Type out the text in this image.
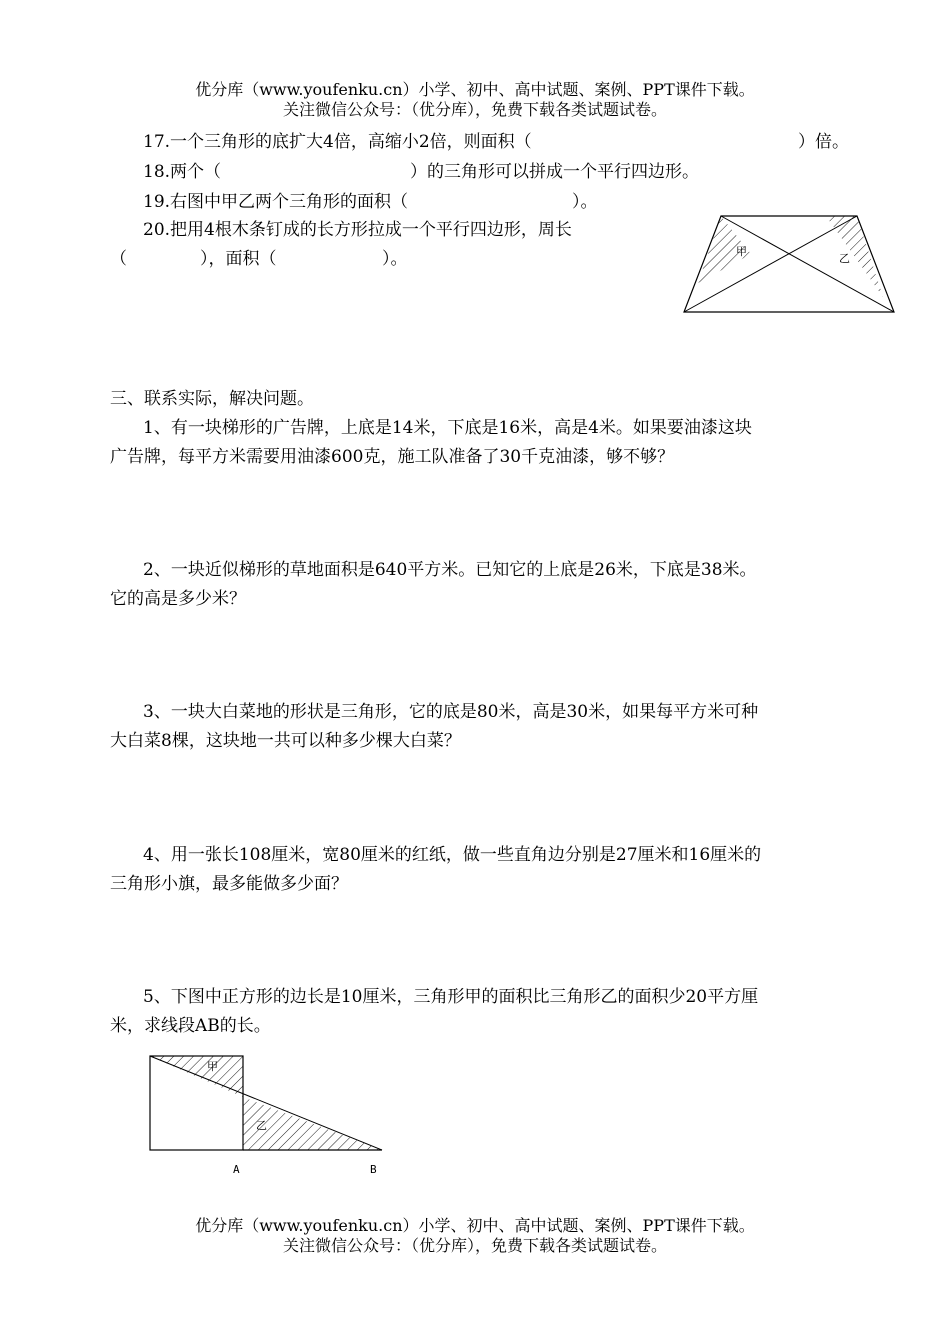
优分库（www.youfenku.cn）小学、初中、高中试题、案例、PPT课件下载。
关注微信公众号：（优分库），免费下载各类试题试卷。
17.一个三角形的底扩大4倍，高缩小2倍，则面积（	）倍。
18.两个（	）的三角形可以拼成一个平行四边形。
19.右图中甲乙两个三角形的面积（	）。
20.把用4根木条钉成的长方形拉成一个平行四边形，周长
（	），面积（	）。	甲
乙
三、联系实际，解决问题。
1、有一块梯形的广告牌，上底是14米，下底是16米，高是4米。如果要油漆这块
广告牌，每平方米需要用油漆600克，施工队准备了30千克油漆，够不够？
2、一块近似梯形的草地面积是640平方米。已知它的上底是26米，下底是38米。
它的高是多少米？
3、一块大白菜地的形状是三角形，它的底是80米，高是30米，如果每平方米可种
大白菜8棵，这块地一共可以种多少棵大白菜？
4、用一张长108厘米，宽80厘米的红纸，做一些直角边分别是27厘米和16厘米的
三角形小旗，最多能做多少面？
5、下图中正方形的边长是10厘米，三角形甲的面积比三角形乙的面积少20平方厘
米，求线段AB的长。
甲
乙
A	B
优分库（www.youfenku.cn）小学、初中、高中试题、案例、PPT课件下载。
关注微信公众号：（优分库），免费下载各类试题试卷。
